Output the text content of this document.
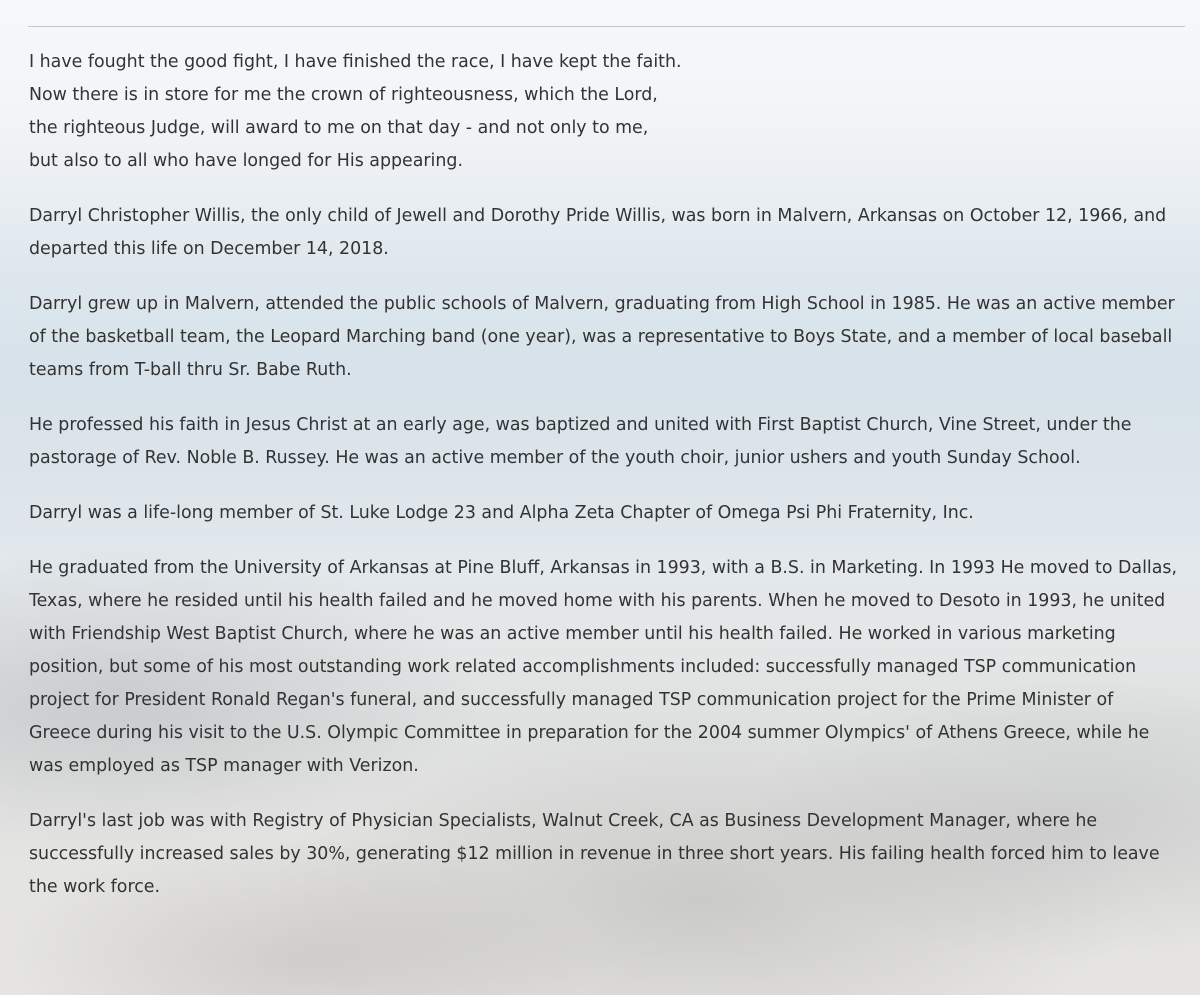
I have fought the good fight, I have finished the race, I have kept the faith.
Now there is in store for me the crown of righteousness, which the Lord,
the righteous Judge, will award to me on that day - and not only to me,
but also to all who have longed for His appearing.

Darryl Christopher Willis, the only child of Jewell and Dorothy Pride Willis, was born in Malvern, Arkansas on October 12, 1966, and departed this life on December 14, 2018.

Darryl grew up in Malvern, attended the public schools of Malvern, graduating from High School in 1985. He was an active member of the basketball team, the Leopard Marching band (one year), was a representative to Boys State, and a member of local baseball teams from T-ball thru Sr. Babe Ruth.

He professed his faith in Jesus Christ at an early age, was baptized and united with First Baptist Church, Vine Street, under the pastorage of Rev. Noble B. Russey. He was an active member of the youth choir, junior ushers and youth Sunday School.

Darryl was a life-long member of St. Luke Lodge 23 and Alpha Zeta Chapter of Omega Psi Phi Fraternity, Inc.

He graduated from the University of Arkansas at Pine Bluff, Arkansas in 1993, with a B.S. in Marketing. In 1993 He moved to Dallas, Texas, where he resided until his health failed and he moved home with his parents. When he moved to Desoto in 1993, he united with Friendship West Baptist Church, where he was an active member until his health failed. He worked in various marketing position, but some of his most outstanding work related accomplishments included: successfully managed TSP communication project for President Ronald Regan's funeral, and successfully managed TSP communication project for the Prime Minister of Greece during his visit to the U.S. Olympic Committee in preparation for the 2004 summer Olympics' of Athens Greece, while he was employed as TSP manager with Verizon.

Darryl's last job was with Registry of Physician Specialists, Walnut Creek, CA as Business Development Manager, where he successfully increased sales by 30%, generating $12 million in revenue in three short years. His failing health forced him to leave the work force.
